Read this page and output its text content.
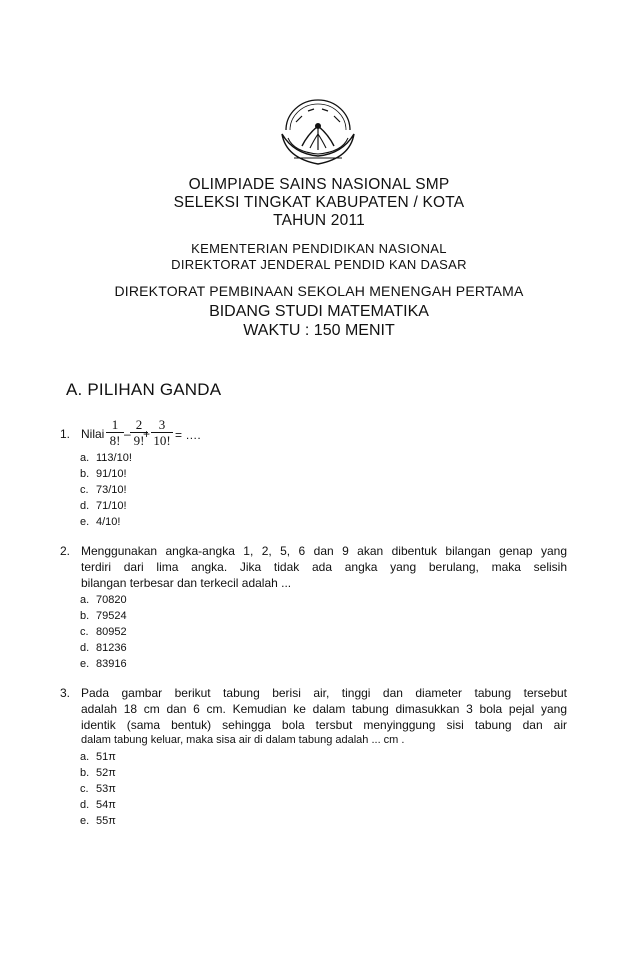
OLIMPIADE SAINS NASIONAL SMP
SELEKSI TINGKAT KABUPATEN / KOTA
TAHUN 2011
KEMENTERIAN PENDIDIKAN NASIONAL
DIREKTORAT JENDERAL PENDID KAN DASAR
DIREKTORAT PEMBINAAN SEKOLAH MENENGAH PERTAMA
BIDANG STUDI MATEMATIKA
WAKTU : 150 MENIT
A. PILIHAN GANDA
1. Nilai $\frac{1}{8!} - \frac{2}{9!}$
+ $\frac{3}{10!}$ = ….
a. 113/10!
b. 91/10!
c. 73/10!
d. 71/10!
e. 4/10!
2. Menggunakan angka-angka 1, 2, 5, 6 dan 9 akan dibentuk bilangan genap yang
terdiri dari lima angka. Jika tidak ada angka yang berulang, maka selisih
bilangan terbesar dan terkecil adalah ...
a. 70820
b. 79524
c. 80952
d. 81236
e. 83916
3. Pada gambar berikut tabung berisi air, tinggi dan diameter tabung tersebut
adalah 18 cm dan 6 cm. Kemudian ke dalam tabung dimasukkan 3 bola pejal yang
identik (sama bentuk) sehingga bola tersbut menyinggung sisi tabung dan air
dalam tabung keluar, maka sisa air di dalam tabung adalah ... cm .
a. 51π
b. 52π
c. 53π
d. 54π
e. 55π
